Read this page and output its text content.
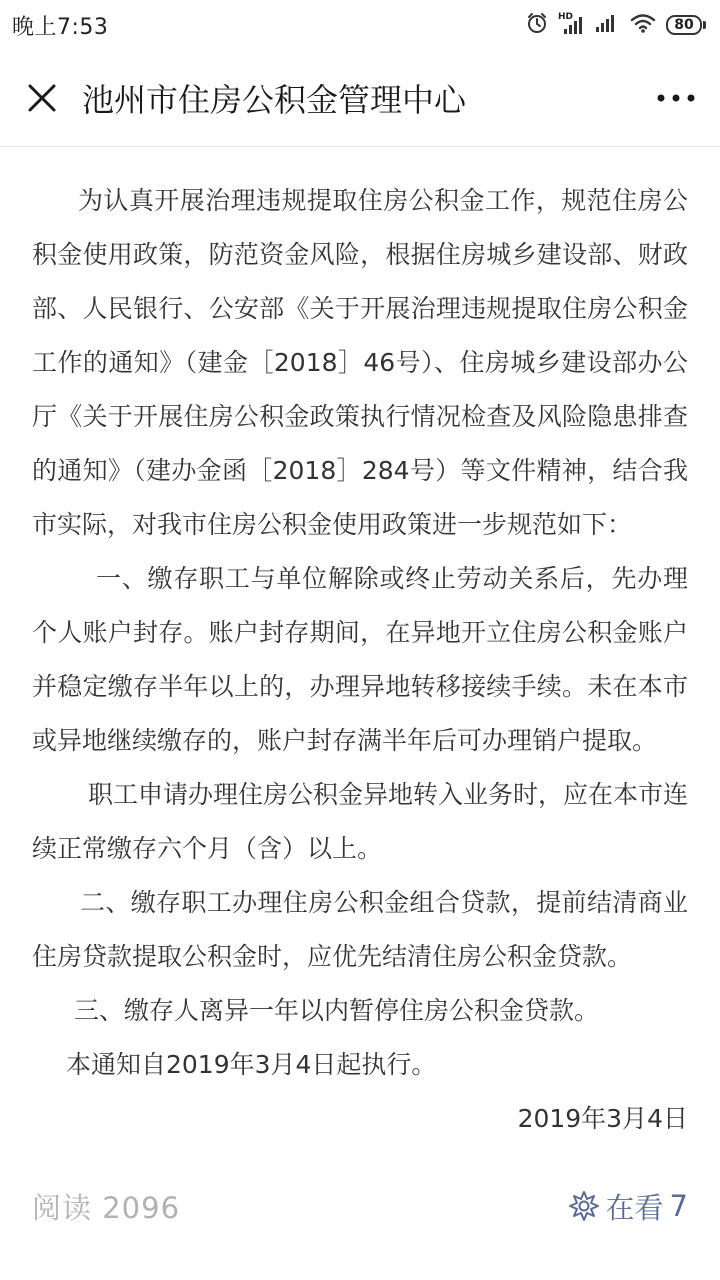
晚上7:53	HD	80
池州市住房公积金管理中心

为认真开展治理违规提取住房公积金工作，规范住房公积金使用政策，防范资金风险，根据住房城乡建设部、财政部、人民银行、公安部《关于开展治理违规提取住房公积金工作的通知》（建金［2018］46号）、住房城乡建设部办公厅《关于开展住房公积金政策执行情况检查及风险隐患排查的通知》（建办金函［2018］284号）等文件精神，结合我市实际，对我市住房公积金使用政策进一步规范如下：

一、缴存职工与单位解除或终止劳动关系后，先办理个人账户封存。账户封存期间，在异地开立住房公积金账户并稳定缴存半年以上的，办理异地转移接续手续。未在本市或异地继续缴存的，账户封存满半年后可办理销户提取。

职工申请办理住房公积金异地转入业务时，应在本市连续正常缴存六个月（含）以上。

二、缴存职工办理住房公积金组合贷款，提前结清商业住房贷款提取公积金时，应优先结清住房公积金贷款。

三、缴存人离异一年以内暂停住房公积金贷款。

本通知自2019年3月4日起执行。

2019年3月4日

阅读 2096	在看 7
